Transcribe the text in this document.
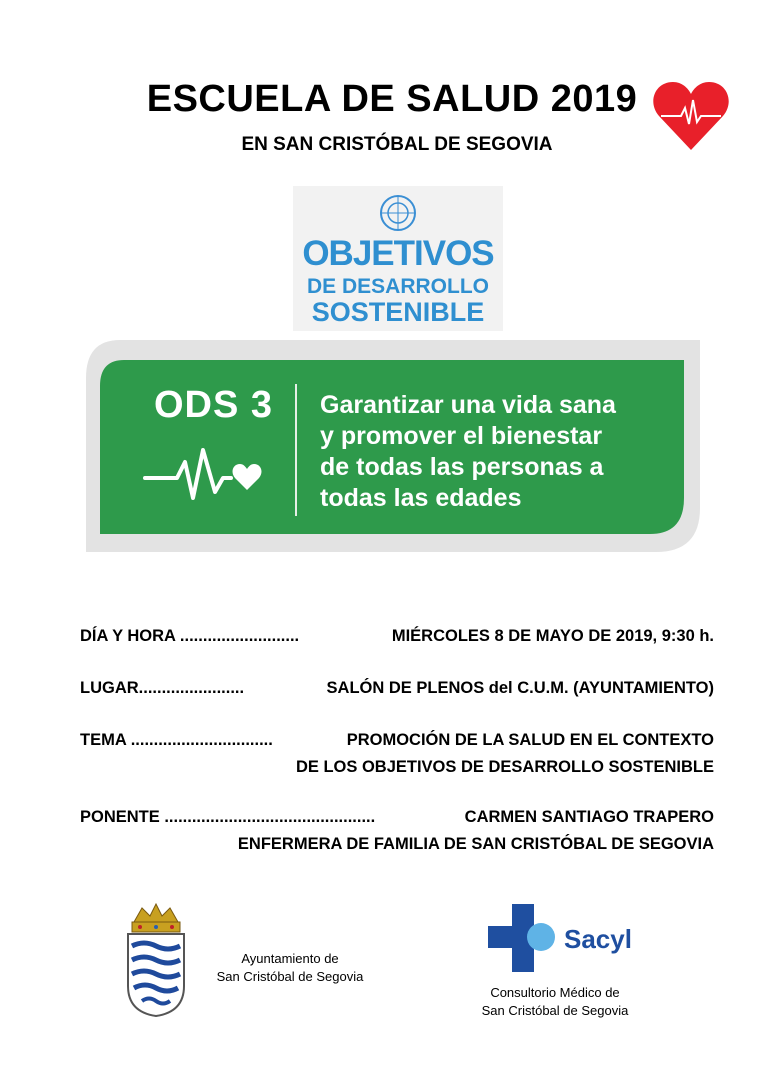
ESCUELA DE SALUD 2019
EN SAN CRISTÓBAL DE SEGOVIA
OBJETIVOS
DE DESARROLLO
SOSTENIBLE
ODS 3 Garantizar una vida sana
y promover el bienestar
de todas las personas a
todas las edades
DÍA Y HORA ..........................	MIÉRCOLES 8 DE MAYO DE 2019, 9:30 h.
LUGAR.......................	SALÓN DE PLENOS del C.U.M. (AYUNTAMIENTO)
TEMA ...............................	PROMOCIÓN DE LA SALUD EN EL CONTEXTO
DE LOS OBJETIVOS DE DESARROLLO SOSTENIBLE
PONENTE ..............................................	CARMEN SANTIAGO TRAPERO
ENFERMERA DE FAMILIA DE SAN CRISTÓBAL DE SEGOVIA
Ayuntamiento de
San Cristóbal de Segovia
Sacyl
Consultorio Médico de
San Cristóbal de Segovia
